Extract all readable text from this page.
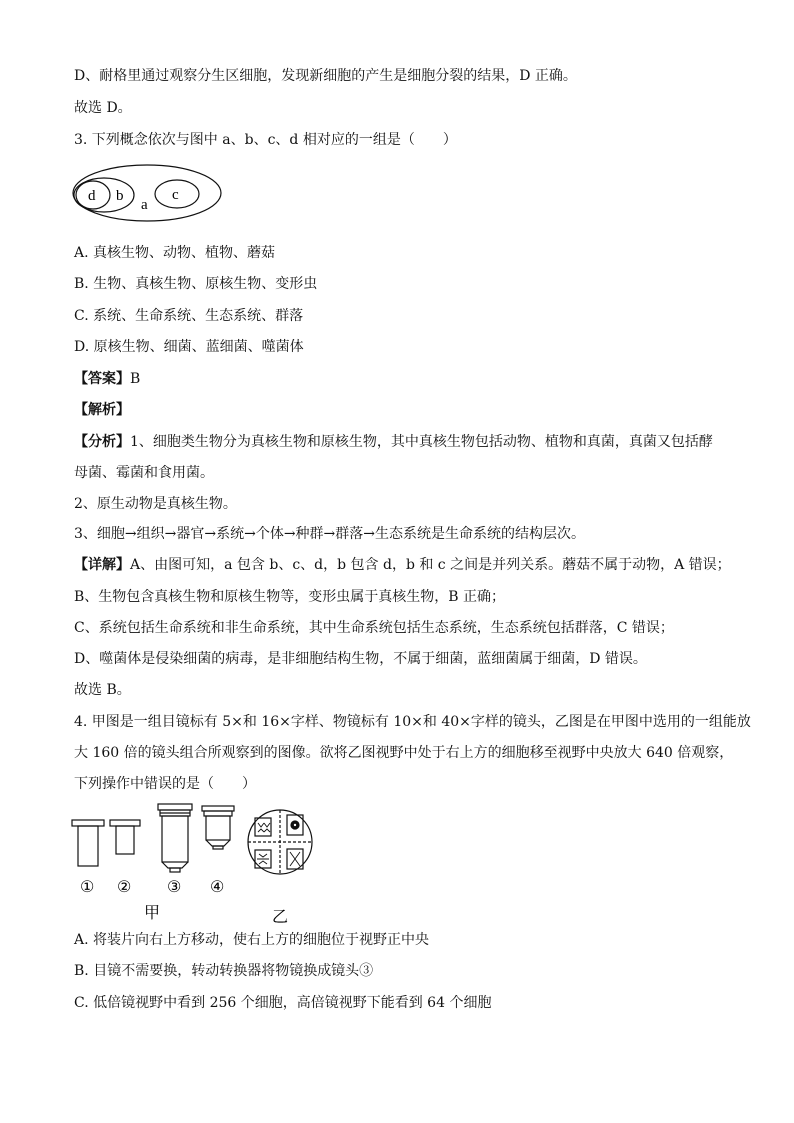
D、耐格里通过观察分生区细胞，发现新细胞的产生是细胞分裂的结果，D 正确。
故选 D。
3. 下列概念依次与图中 a、b、c、d 相对应的一组是（　　）
d b
a
c
A. 真核生物、动物、植物、蘑菇
B. 生物、真核生物、原核生物、变形虫
C. 系统、生命系统、生态系统、群落
D. 原核生物、细菌、蓝细菌、噬菌体
【答案】B
【解析】
【分析】1、细胞类生物分为真核生物和原核生物，其中真核生物包括动物、植物和真菌，真菌又包括酵
母菌、霉菌和食用菌。
2、原生动物是真核生物。
3、细胞→组织→器官→系统→个体→种群→群落→生态系统是生命系统的结构层次。
【详解】A、由图可知，a 包含 b、c、d，b 包含 d，b 和 c 之间是并列关系。蘑菇不属于动物，A 错误；
B、生物包含真核生物和原核生物等，变形虫属于真核生物，B 正确；
C、系统包括生命系统和非生命系统，其中生命系统包括生态系统，生态系统包括群落，C 错误；
D、噬菌体是侵染细菌的病毒，是非细胞结构生物，不属于细菌，蓝细菌属于细菌，D 错误。
故选 B。
4. 甲图是一组目镜标有 5×和 16×字样、物镜标有 10×和 40×字样的镜头，乙图是在甲图中选用的一组能放
大 160 倍的镜头组合所观察到的图像。欲将乙图视野中处于右上方的细胞移至视野中央放大 640 倍观察，
下列操作中错误的是（　　）
① ② ③ ④
甲	乙
A. 将装片向右上方移动，使右上方的细胞位于视野正中央
B. 目镜不需要换，转动转换器将物镜换成镜头③
C. 低倍镜视野中看到 256 个细胞，高倍镜视野下能看到 64 个细胞
